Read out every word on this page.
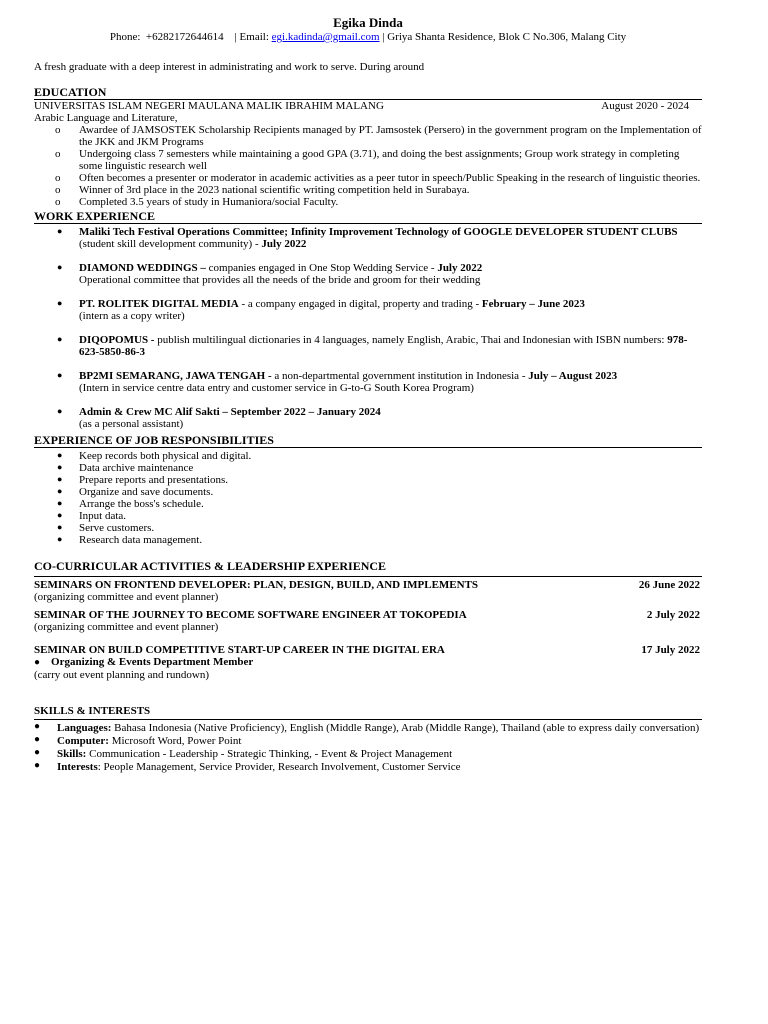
Egika Dinda
Phone: +6282172644614 | Email: egi.kadinda@gmail.com | Griya Shanta Residence, Blok C No.306, Malang City
A fresh graduate with a deep interest in administrating and work to serve. During around
EDUCATION
UNIVERSITAS ISLAM NEGERI MAULANA MALIK IBRAHIM MALANG	August 2020 - 2024
Arabic Language and Literature,
o Awardee of JAMSOSTEK Scholarship Recipients managed by PT. Jamsostek (Persero) in the government program on the Implementation of the JKK and JKM Programs
o Undergoing class 7 semesters while maintaining a good GPA (3.71), and doing the best assignments; Group work strategy in completing some linguistic research well
o Often becomes a presenter or moderator in academic activities as a peer tutor in speech/Public Speaking in the research of linguistic theories.
o Winner of 3rd place in the 2023 national scientific writing competition held in Surabaya.
o Completed 3.5 years of study in Humaniora/social Faculty.
WORK EXPERIENCE
● Maliki Tech Festival Operations Committee; Infinity Improvement Technology of GOOGLE DEVELOPER STUDENT CLUBS (student skill development community) - July 2022
● DIAMOND WEDDINGS – companies engaged in One Stop Wedding Service - July 2022
Operational committee that provides all the needs of the bride and groom for their wedding
● PT. ROLITEK DIGITAL MEDIA - a company engaged in digital, property and trading - February – June 2023
(intern as a copy writer)
● DIQOPOMUS - publish multilingual dictionaries in 4 languages, namely English, Arabic, Thai and Indonesian with ISBN numbers: 978-623-5850-86-3
● BP2MI SEMARANG, JAWA TENGAH - a non-departmental government institution in Indonesia - July – August 2023
(Intern in service centre data entry and customer service in G-to-G South Korea Program)
● Admin & Crew MC Alif Sakti – September 2022 – January 2024
(as a personal assistant)
EXPERIENCE OF JOB RESPONSIBILITIES
● Keep records both physical and digital.
● Data archive maintenance
● Prepare reports and presentations.
● Organize and save documents.
● Arrange the boss's schedule.
● Input data.
● Serve customers.
● Research data management.
CO-CURRICULAR ACTIVITIES & LEADERSHIP EXPERIENCE
SEMINARS ON FRONTEND DEVELOPER: PLAN, DESIGN, BUILD, AND IMPLEMENTS	26 June 2022
(organizing committee and event planner)
SEMINAR OF THE JOURNEY TO BECOME SOFTWARE ENGINEER AT TOKOPEDIA	2 July 2022
(organizing committee and event planner)
SEMINAR ON BUILD COMPETITIVE START-UP CAREER IN THE DIGITAL ERA	17 July 2022
● Organizing & Events Department Member
(carry out event planning and rundown)
SKILLS & INTERESTS
● Languages: Bahasa Indonesia (Native Proficiency), English (Middle Range), Arab (Middle Range), Thailand (able to express daily conversation)
● Computer: Microsoft Word, Power Point
● Skills: Communication - Leadership - Strategic Thinking, - Event & Project Management
● Interests: People Management, Service Provider, Research Involvement, Customer Service
